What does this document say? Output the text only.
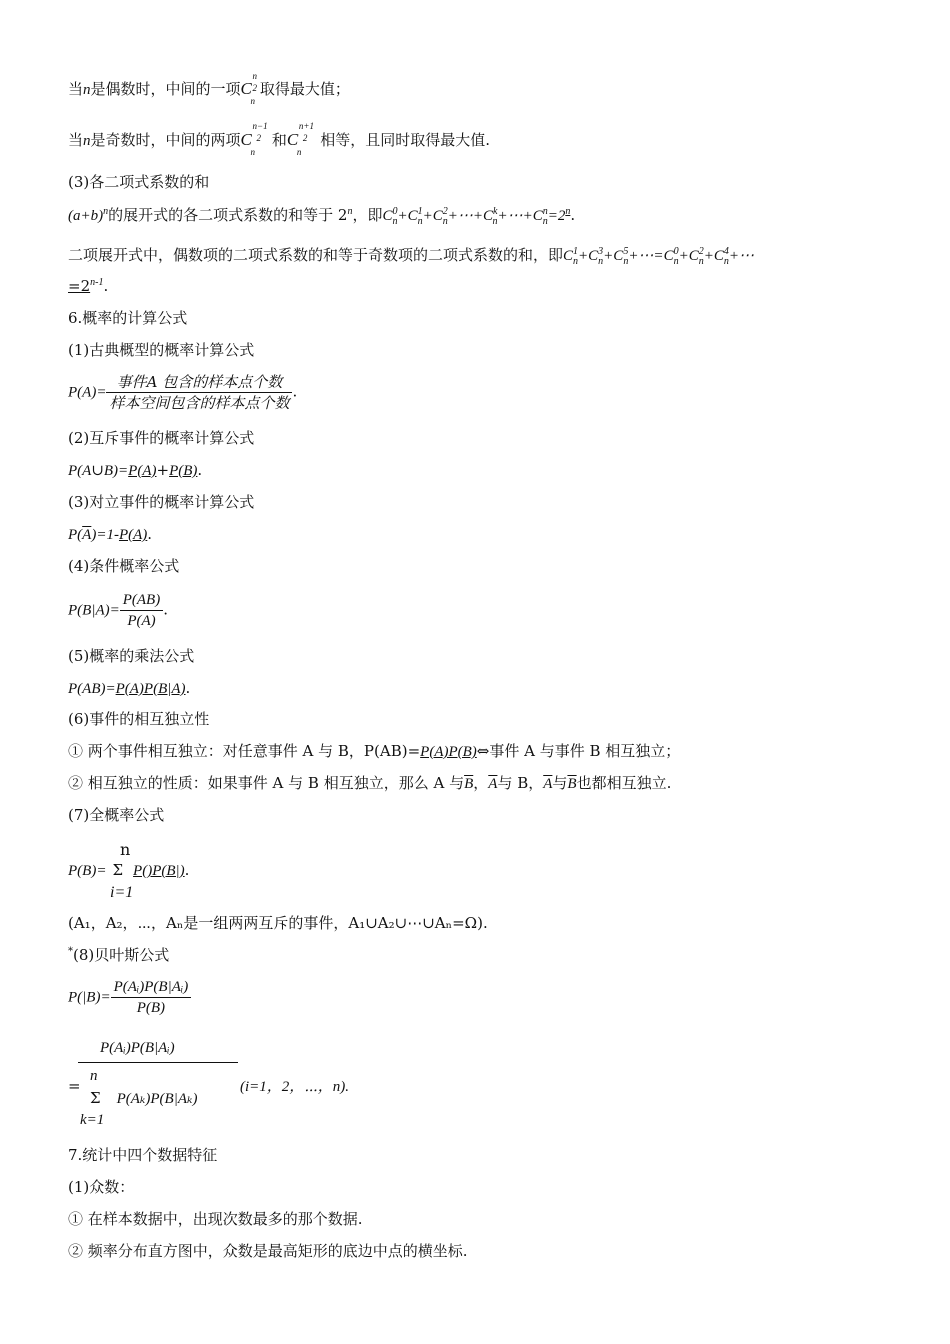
当n是偶数时，中间的一项C
n
2
n
取得最大值；
当n是奇数时，中间的两项C
n−1
2
n
和C
n+1
2
n
相等，且同时取得最大值.
(3)各二项式系数的和
$(a+b)^n$的展开式的各二项式系数的和等于 2$^n$，即$C^0_n+C^1_n+C^2_n+\cdots+C^k_n+\cdots+C^n_n=2^n$.
二项展开式中，偶数项的二项式系数的和等于奇数项的二项式系数的和，即$C^1_n+C^3_n+C^5_n+\cdots=C^0_n+C^2_n+C^4_n+\cdots$
$=2^{n-1}$.
6.概率的计算公式
(1)古典概型的概率计算公式
$P(A)= \frac{\text{事件A 包含的样本点个数}}{\text{样本空间包含的样本点个数}}$ .
(2)互斥事件的概率计算公式
P(A∪B)=P(A)+P(B).
(3)对立事件的概率计算公式
$P(\overline{A})=1-P(A)$.
(4)条件概率公式
$P(B|A)= \frac{P(AB)}{P(A)}$ .
(5)概率的乘法公式
P(AB)=P(A)P(B|A).
(6)事件的相互独立性
① 两个事件相互独立：对任意事件 A 与 B，P(AB)=P(A)P(B)⇔事件 A 与事件 B 相互独立；
② 相互独立的性质：如果事件 A 与 B 相互独立，那么 A 与$\overline{B}$，$\overline{A}$与 B，$\overline{A}$与$\overline{B}$也都相互独立.
(7)全概率公式
n
P(B)= Σ P()P(B|).
i=1
(A₁，A₂，⋯，Aₙ是一组两两互斥的事件，A₁∪A₂∪⋯∪Aₙ=Ω).
*(8)贝叶斯公式
$P(|B)= \frac{\text{P(Aᵢ)P(B|Aᵢ)}}{P(B)}$
P(Aᵢ)P(B|Aᵢ)
n
=
Σ P(Aₖ)P(B|Aₖ)
(i=1，2，⋯，n).
k=1
7.统计中四个数据特征
(1)众数：
① 在样本数据中，出现次数最多的那个数据.
② 频率分布直方图中，众数是最高矩形的底边中点的横坐标.
